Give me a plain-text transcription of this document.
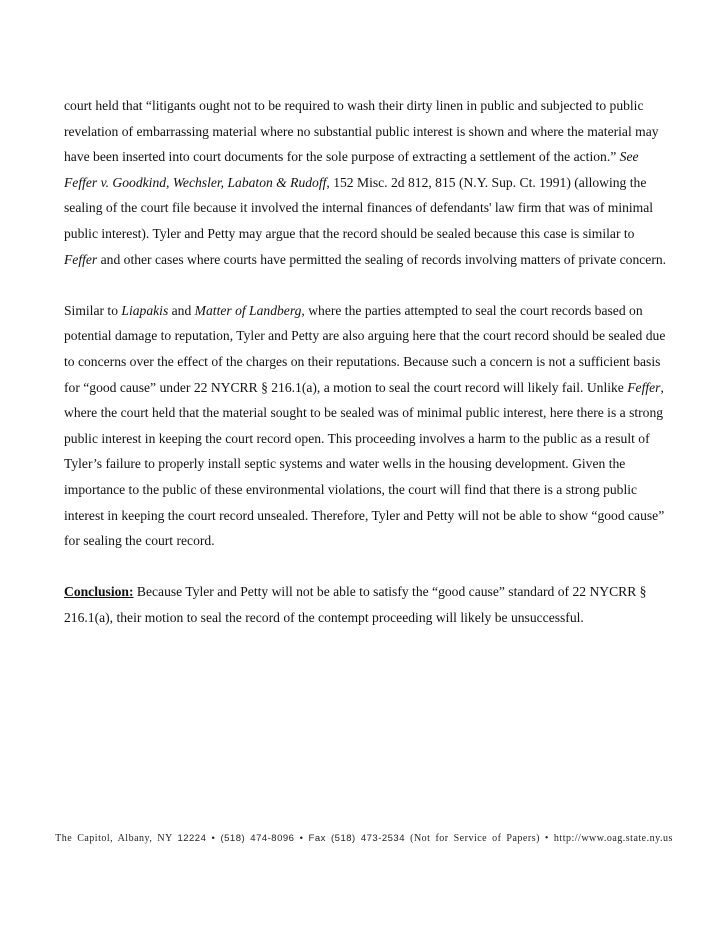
court held that “litigants ought not to be required to wash their dirty linen in public and subjected to public revelation of embarrassing material where no substantial public interest is shown and where the material may have been inserted into court documents for the sole purpose of extracting a settlement of the action.” See Feffer v. Goodkind, Wechsler, Labaton & Rudoff, 152 Misc. 2d 812, 815 (N.Y. Sup. Ct. 1991) (allowing the sealing of the court file because it involved the internal finances of defendants' law firm that was of minimal public interest). Tyler and Petty may argue that the record should be sealed because this case is similar to Feffer and other cases where courts have permitted the sealing of records involving matters of private concern.

Similar to Liapakis and Matter of Landberg, where the parties attempted to seal the court records based on potential damage to reputation, Tyler and Petty are also arguing here that the court record should be sealed due to concerns over the effect of the charges on their reputations. Because such a concern is not a sufficient basis for “good cause” under 22 NYCRR § 216.1(a), a motion to seal the court record will likely fail. Unlike Feffer, where the court held that the material sought to be sealed was of minimal public interest, here there is a strong public interest in keeping the court record open. This proceeding involves a harm to the public as a result of Tyler’s failure to properly install septic systems and water wells in the housing development. Given the importance to the public of these environmental violations, the court will find that there is a strong public interest in keeping the court record unsealed. Therefore, Tyler and Petty will not be able to show “good cause” for sealing the court record.

Conclusion: Because Tyler and Petty will not be able to satisfy the “good cause” standard of 22 NYCRR § 216.1(a), their motion to seal the record of the contempt proceeding will likely be unsuccessful.

The Capitol, Albany, NY 12224 • (518) 474-8096 • Fax (518) 473-2534 (Not for Service of Papers) • http://www.oag.state.ny.us
